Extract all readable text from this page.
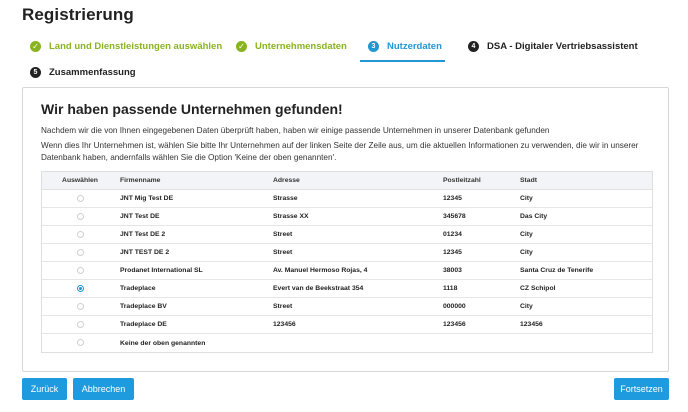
Registrierung
✓ Land und Dienstleistungen auswählen ✓ Unternehmensdaten	3	Nutzerdaten	4	DSA - Digitaler Vertriebsassistent
5	Zusammenfassung
Wir haben passende Unternehmen gefunden!

Nachdem wir die von Ihnen eingegebenen Daten überprüft haben, haben wir einige passende Unternehmen in unserer Datenbank gefunden

Wenn dies Ihr Unternehmen ist, wählen Sie bitte Ihr Unternehmen auf der linken Seite der Zeile aus, um die aktuellen Informationen zu verwenden, die wir in unserer Datenbank haben, andernfalls wählen Sie die Option 'Keine der oben genannten'.

Auswählen	Firmenname	Adresse	Postleitzahl	Stadt
JNT Mig Test DE	Strasse	12345	City
JNT Test DE	Strasse XX	345678	Das City
JNT Test DE 2	Street	01234	City
JNT TEST DE 2	Street	12345	City
Prodanet International SL	Av. Manuel Hermoso Rojas, 4	38003	Santa Cruz de Tenerife
Tradeplace	Evert van de Beekstraat 354	1118	CZ Schipol
Tradeplace BV	Street	000000	City
Tradeplace DE	123456	123456	123456
Keine der oben genannten
Zurück	Abbrechen	Fortsetzen
